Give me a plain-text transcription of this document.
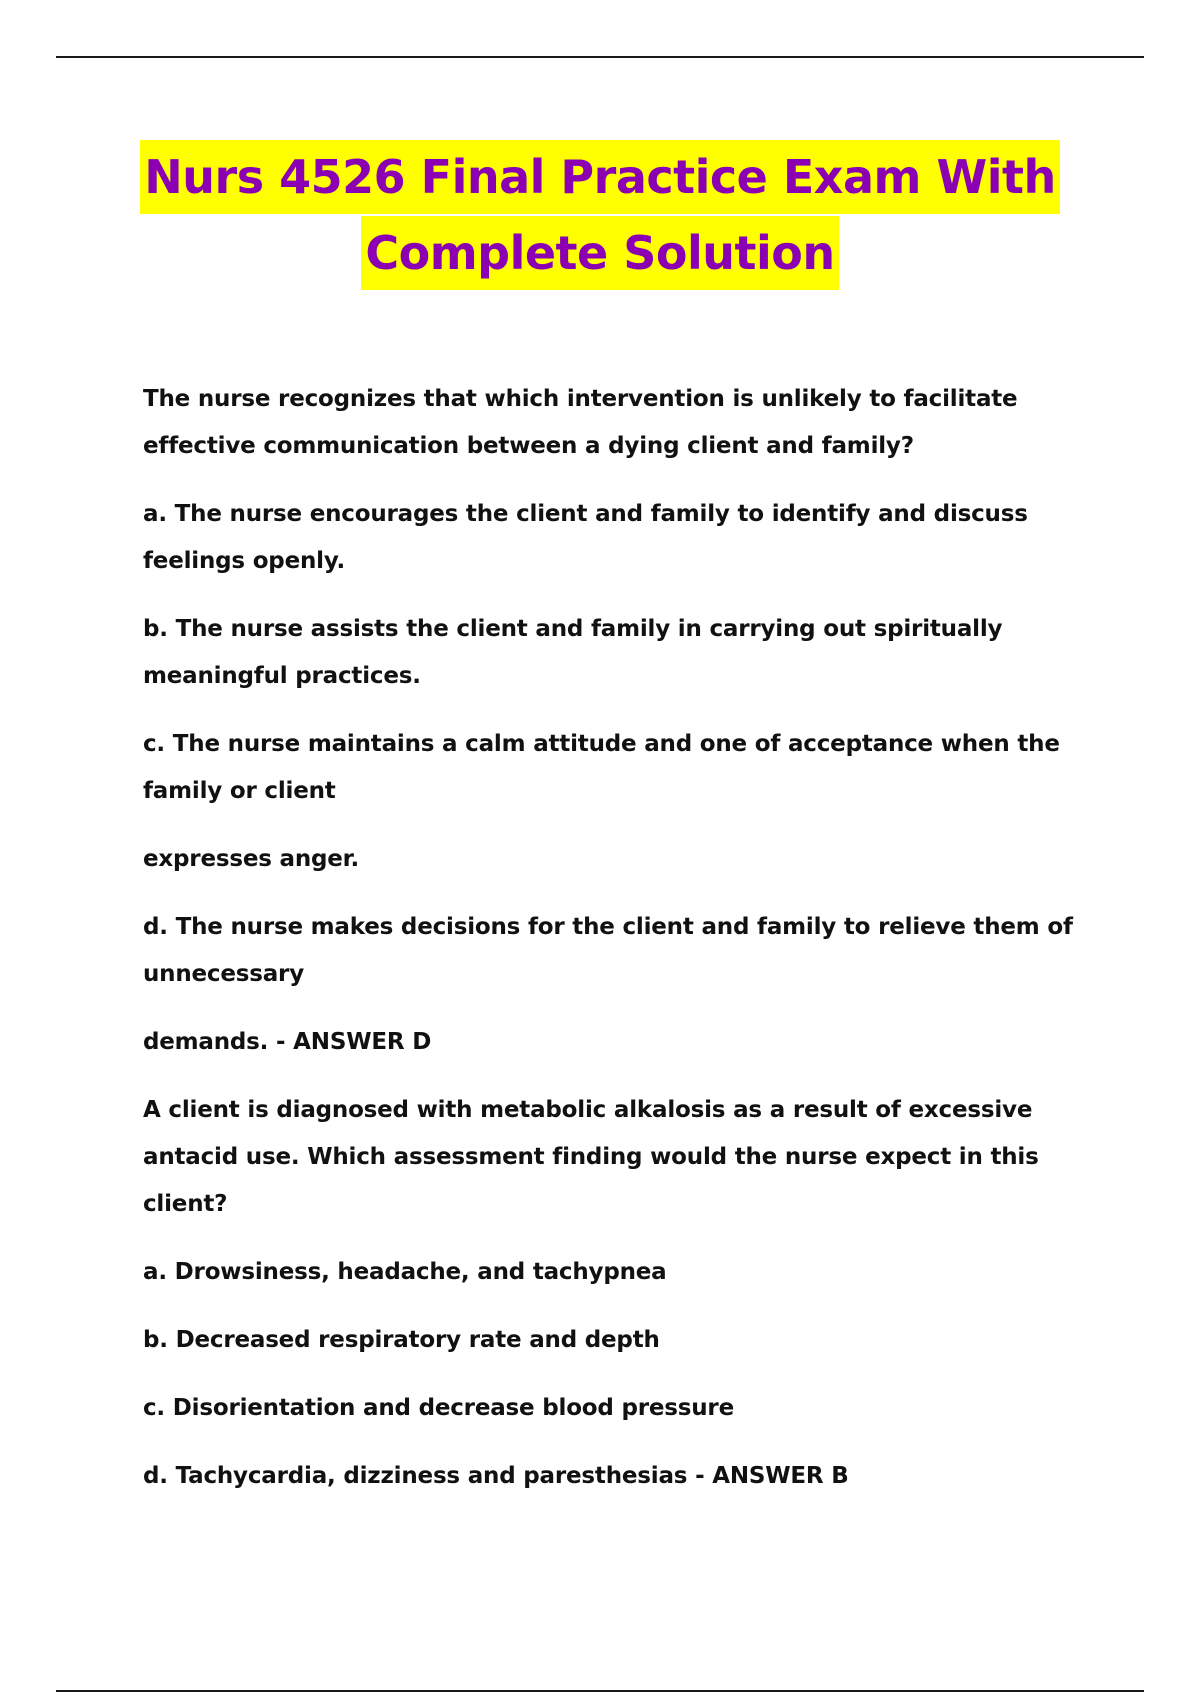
Nurs 4526 Final Practice Exam With
Complete Solution

The nurse recognizes that which intervention is unlikely to facilitate effective communication between a dying client and family?

a. The nurse encourages the client and family to identify and discuss feelings openly.

b. The nurse assists the client and family in carrying out spiritually meaningful practices.

c. The nurse maintains a calm attitude and one of acceptance when the family or client

expresses anger.

d. The nurse makes decisions for the client and family to relieve them of unnecessary

demands. - ANSWER D

A client is diagnosed with metabolic alkalosis as a result of excessive antacid use. Which assessment finding would the nurse expect in this client?

a. Drowsiness, headache, and tachypnea

b. Decreased respiratory rate and depth

c. Disorientation and decrease blood pressure

d. Tachycardia, dizziness and paresthesias - ANSWER B
